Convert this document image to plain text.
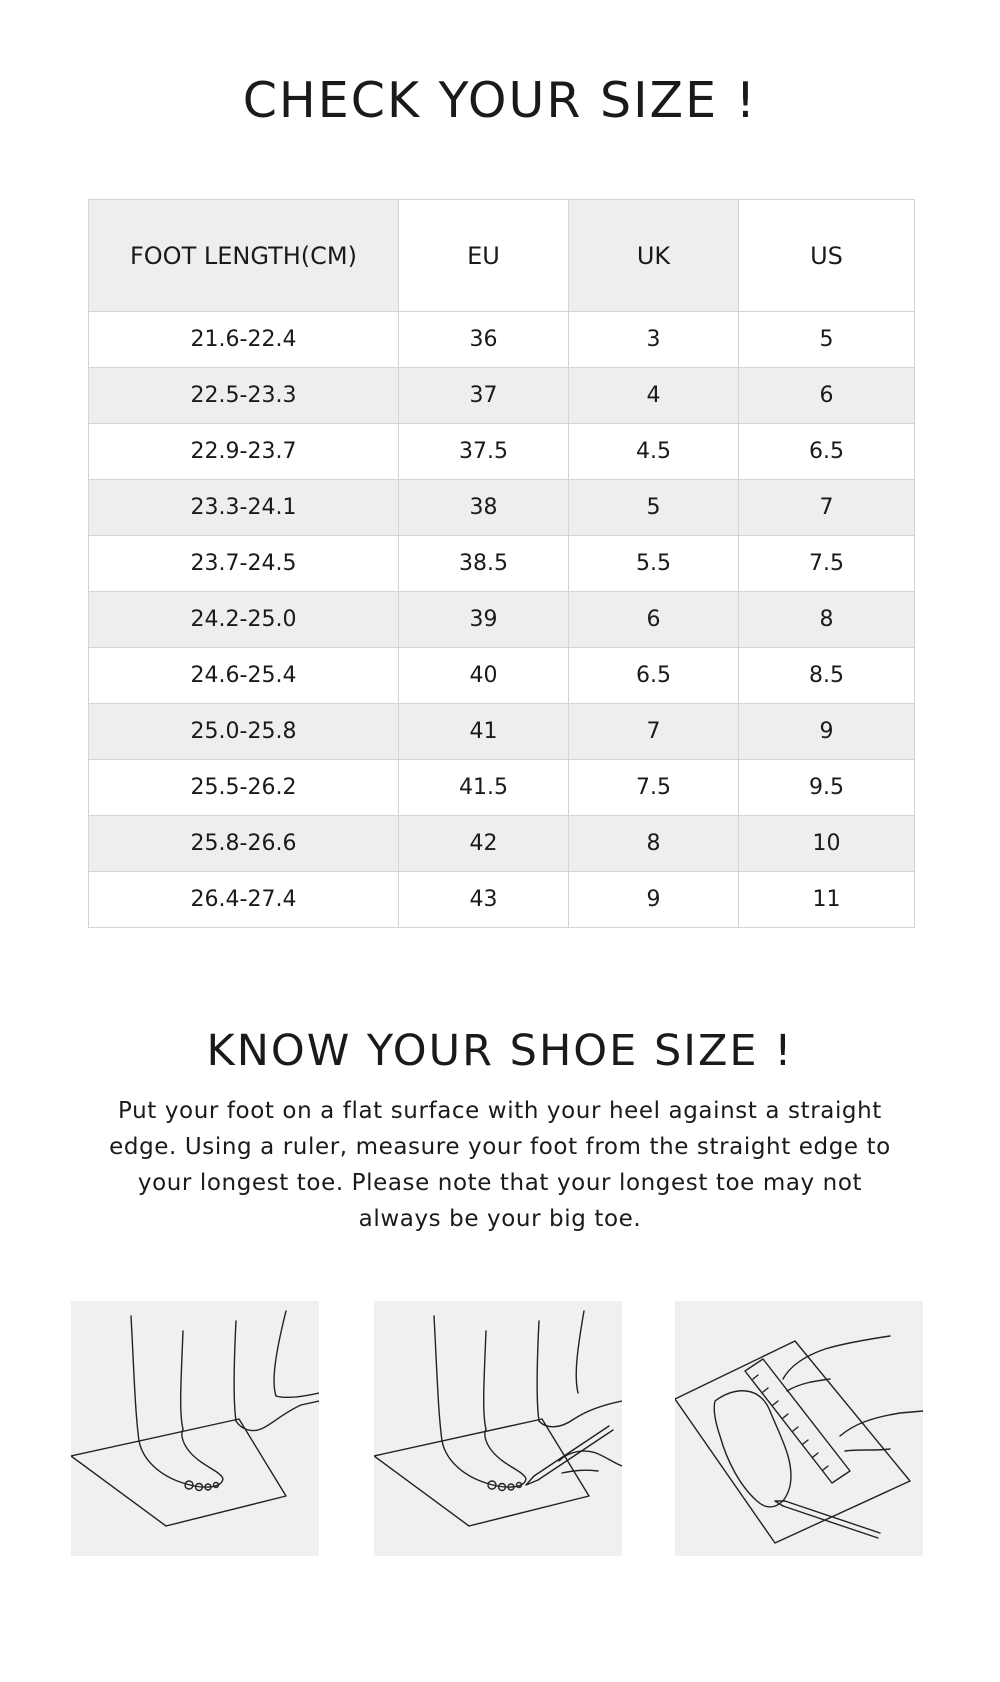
CHECK YOUR SIZE !
FOOT LENGTH(CM)	EU	UK	US
21.6-22.4	36	3	5
22.5-23.3	37	4	6
22.9-23.7	37.5	4.5	6.5
23.3-24.1	38	5	7
23.7-24.5	38.5	5.5	7.5
24.2-25.0	39	6	8
24.6-25.4	40	6.5	8.5
25.0-25.8	41	7	9
25.5-26.2	41.5	7.5	9.5
25.8-26.6	42	8	10
26.4-27.4	43	9	11
KNOW YOUR SHOE SIZE !

Put your foot on a flat surface with your heel against a straight edge. Using a ruler, measure your foot from the straight edge to your longest toe. Please note that your longest toe may not always be your big toe.
